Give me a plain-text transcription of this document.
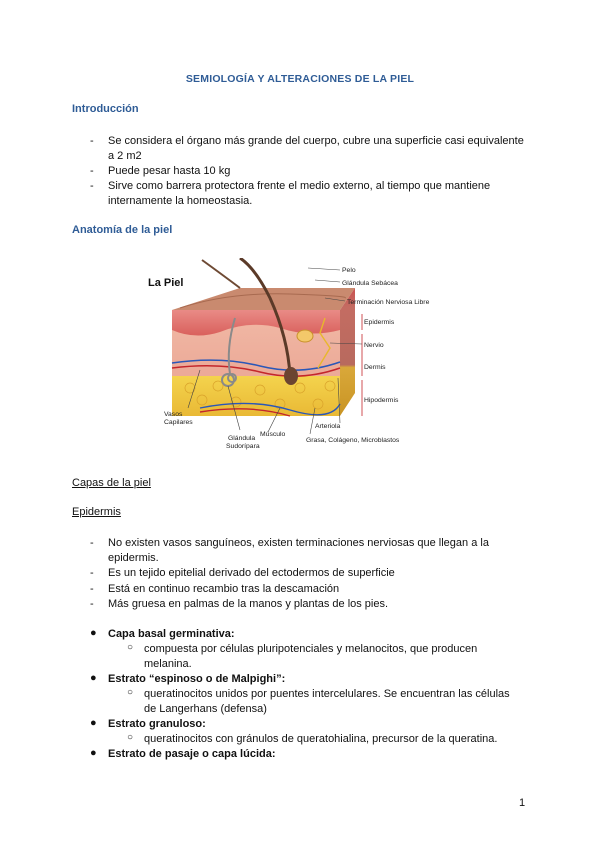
SEMIOLOGÍA Y ALTERACIONES DE LA PIEL
Introducción
- Se considera el órgano más grande del cuerpo, cubre una superficie casi equivalente a 2 m2
- Puede pesar hasta 10 kg
- Sirve como barrera protectora frente el medio externo, al tiempo que mantiene internamente la homeostasia.
Anatomía de la piel
La Piel
Pelo
Glándula Sebácea
Terminación Nerviosa Libre
Epidermis
Nervio
Dermis
Hipodermis
Arteriola
Grasa, Colágeno, Microblastos
Músculo
Glándula
Sudorípara
Vasos
Capilares
Capas de la piel
Epidermis
- No existen vasos sanguíneos, existen terminaciones nerviosas que llegan a la epidermis.
- Es un tejido epitelial derivado del ectodermos de superficie
- Está en continuo recambio tras la descamación
- Más gruesa en palmas de la manos y plantas de los pies.
● Capa basal germinativa:
○ compuesta por células pluripotenciales y melanocitos, que producen melanina.
● Estrato “espinoso o de Malpighi”:
○ queratinocitos unidos por puentes intercelulares. Se encuentran las células de Langerhans (defensa)
● Estrato granuloso:
○ queratinocitos con gránulos de queratohialina, precursor de la queratina.
● Estrato de pasaje o capa lúcida:
1
